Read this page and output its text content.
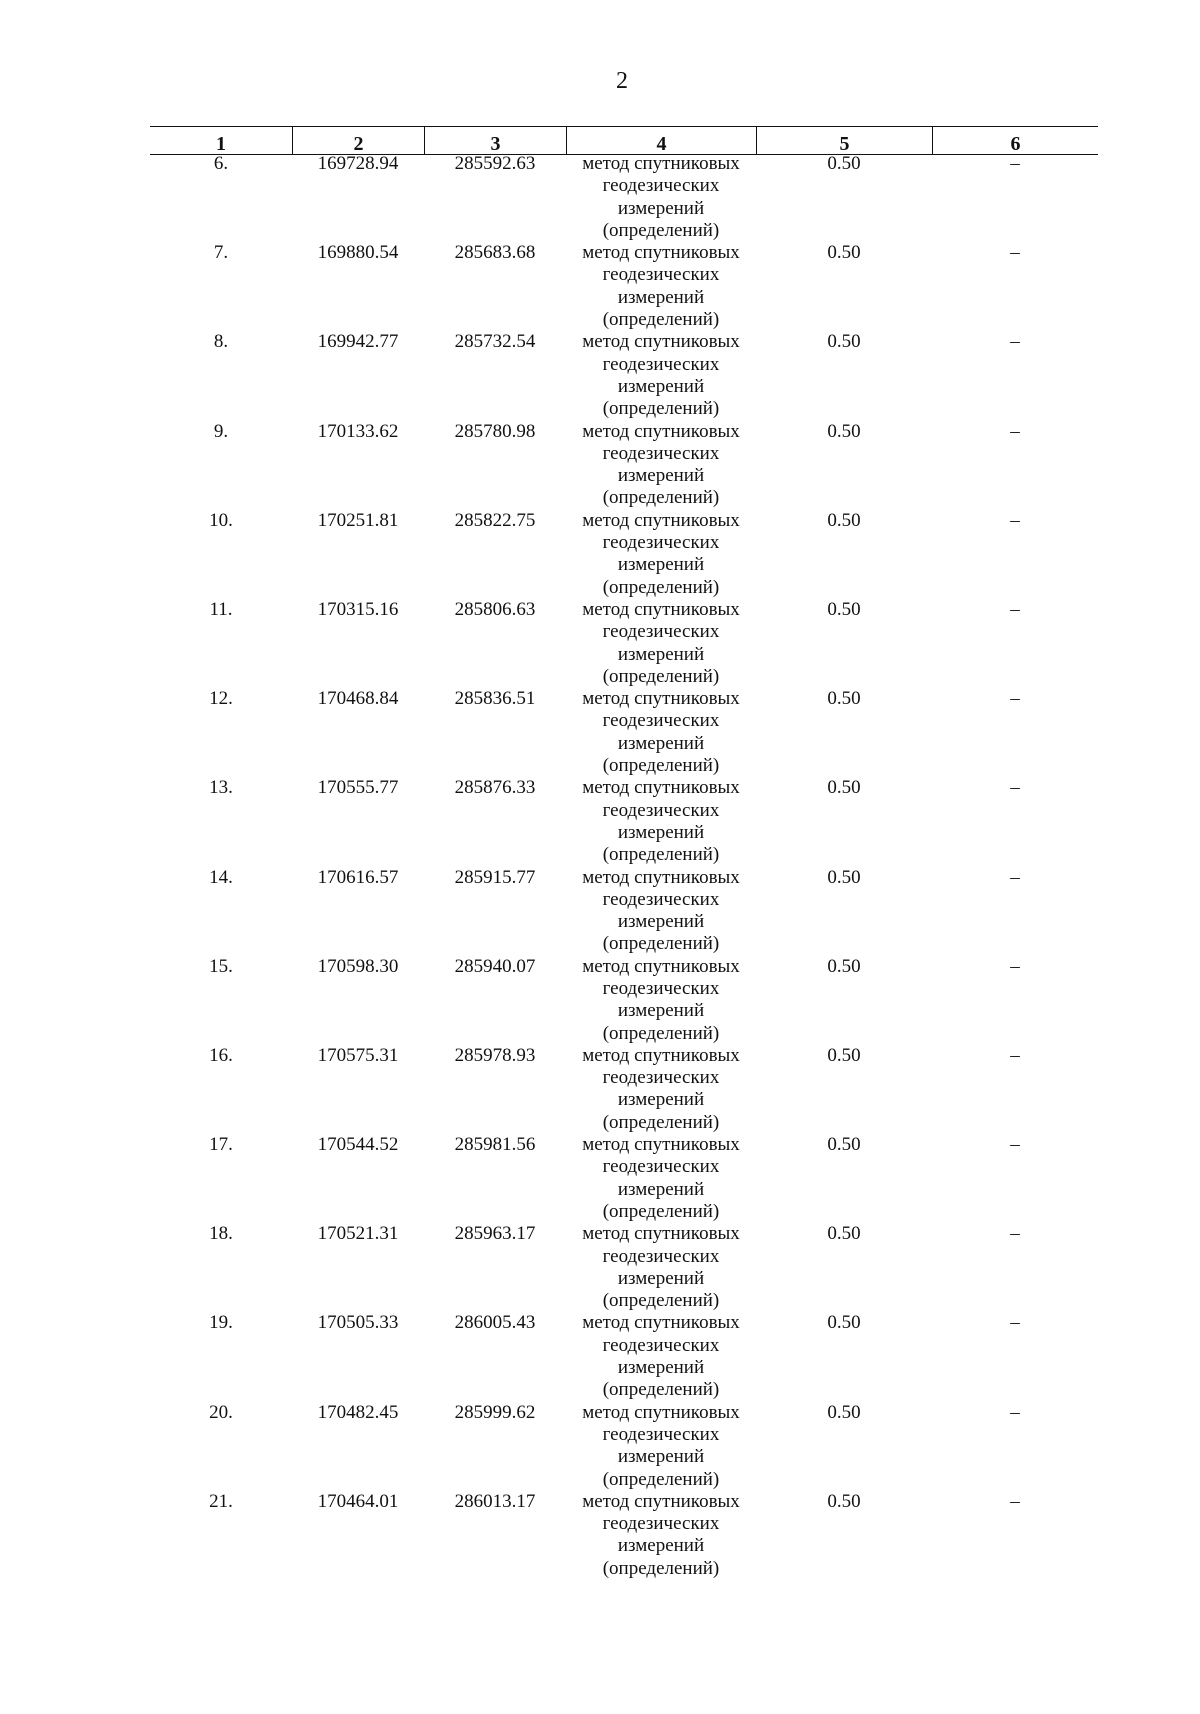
2
1	2	3	4	5	6
6.	169728.94	285592.63	метод спутниковых
геодезических
измерений
(определений)
0.50	–
7.	169880.54	285683.68	метод спутниковых
геодезических
измерений
(определений)
0.50	–
8.	169942.77	285732.54	метод спутниковых
геодезических
измерений
(определений)
0.50	–
9.	170133.62	285780.98	метод спутниковых
геодезических
измерений
(определений)
0.50	–
10.	170251.81	285822.75	метод спутниковых
геодезических
измерений
(определений)
0.50	–
11.	170315.16	285806.63	метод спутниковых
геодезических
измерений
(определений)
0.50	–
12.	170468.84	285836.51	метод спутниковых
геодезических
измерений
(определений)
0.50	–
13.	170555.77	285876.33	метод спутниковых
геодезических
измерений
(определений)
0.50	–
14.	170616.57	285915.77	метод спутниковых
геодезических
измерений
(определений)
0.50	–
15.	170598.30	285940.07	метод спутниковых
геодезических
измерений
(определений)
0.50	–
16.	170575.31	285978.93	метод спутниковых
геодезических
измерений
(определений)
0.50	–
17.	170544.52	285981.56	метод спутниковых
геодезических
измерений
(определений)
0.50	–
18.	170521.31	285963.17	метод спутниковых
геодезических
измерений
(определений)
0.50	–
19.	170505.33	286005.43	метод спутниковых
геодезических
измерений
(определений)
0.50	–
20.	170482.45	285999.62	метод спутниковых
геодезических
измерений
(определений)
0.50	–
21.	170464.01	286013.17	метод спутниковых
геодезических
измерений
(определений)
0.50	–
